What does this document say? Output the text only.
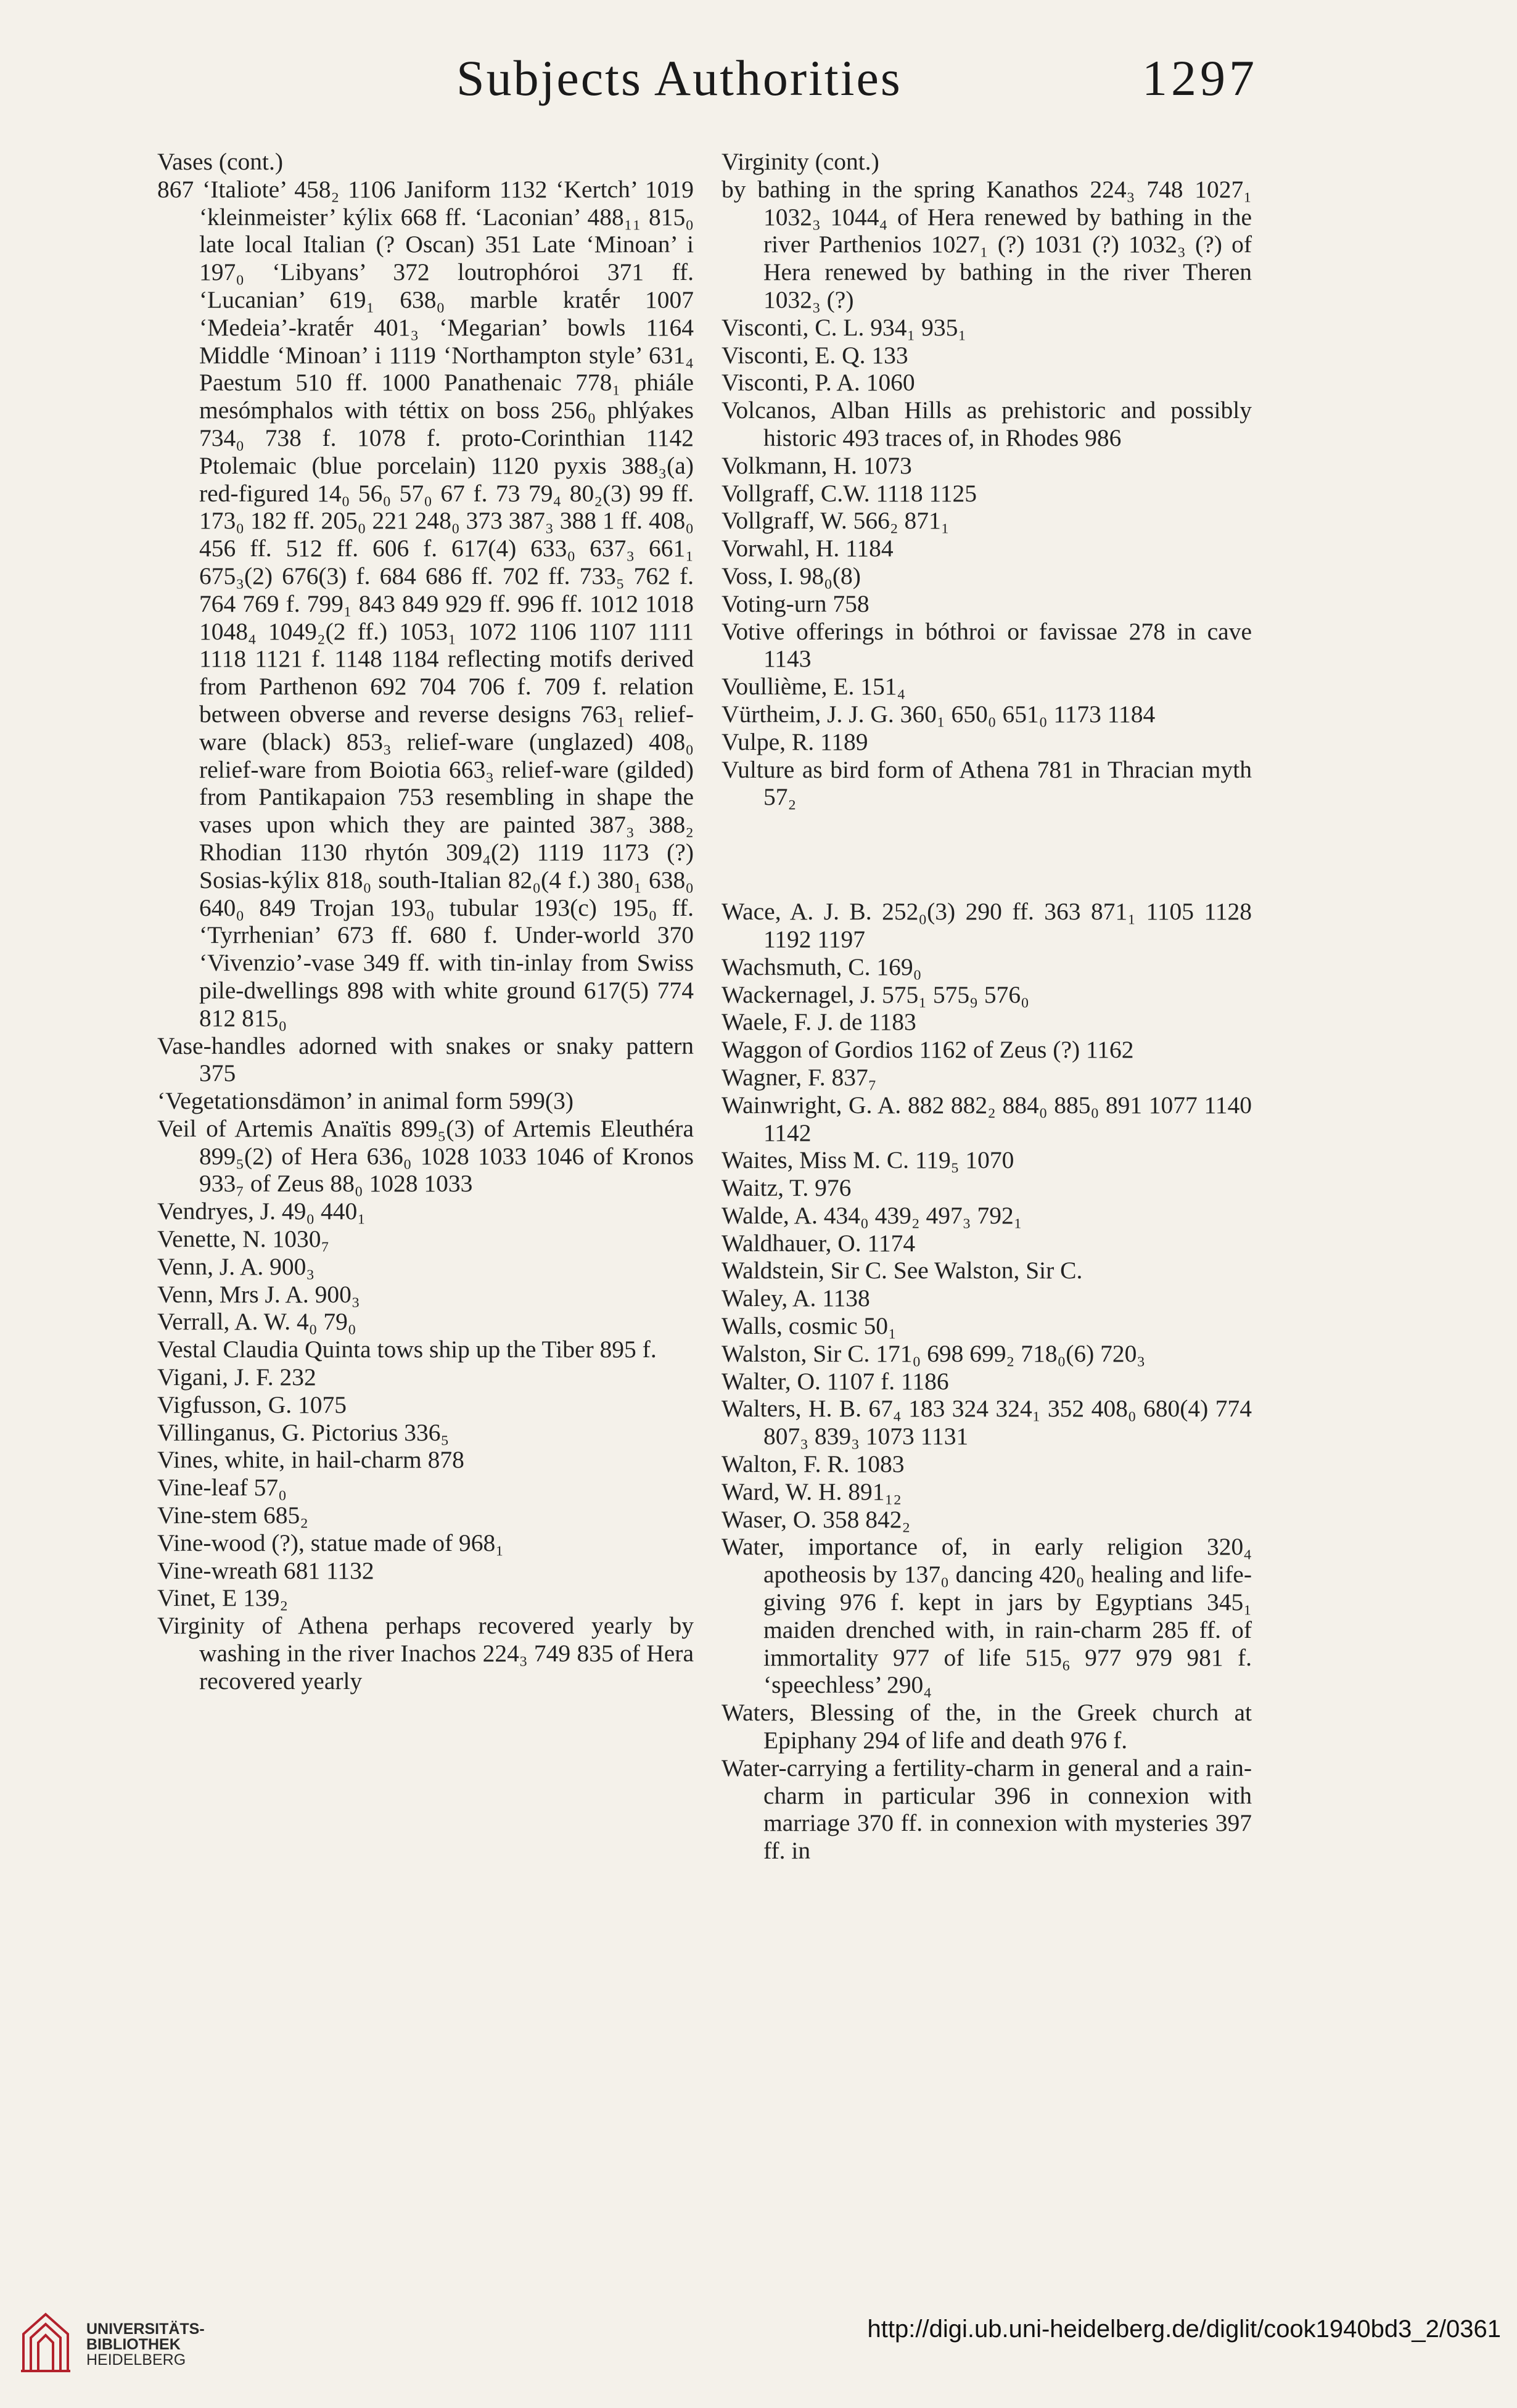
Subjects Authorities	1297

Vases (cont.)

867 ‘Italiote’ 458₂ 1106 Janiform 1132 ‘Kertch’ 1019 ‘kleinmeister’ kýlix 668 ff. ‘Laconian’ 488₁₁ 815₀ late local Italian (? Oscan) 351 Late ‘Minoan’ i 197₀ ‘Libyans’ 372 loutrophóroi 371 ff. ‘Lucanian’ 619₁ 638₀ marble kratḗr 1007 ‘Medeia’-kratḗr 401₃ ‘Megarian’ bowls 1164 Middle ‘Minoan’ i 1119 ‘Northampton style’ 631₄ Paestum 510 ff. 1000 Panathenaic 778₁ phiále mesómphalos with téttix on boss 256₀ phlýakes 734₀ 738 f. 1078 f. proto-Corinthian 1142 Ptolemaic (blue porcelain) 1120 pyxis 388₃(a) red-figured 14₀ 56₀ 57₀ 67 f. 73 79₄ 80₂(3) 99 ff. 173₀ 182 ff. 205₀ 221 248₀ 373 387₃ 388 1 ff. 408₀ 456 ff. 512 ff. 606 f. 617(4) 633₀ 637₃ 661₁ 675₃(2) 676(3) f. 684 686 ff. 702 ff. 733₅ 762 f. 764 769 f. 799₁ 843 849 929 ff. 996 ff. 1012 1018 1048₄ 1049₂(2 ff.) 1053₁ 1072 1106 1107 1111 1118 1121 f. 1148 1184 reflecting motifs derived from Parthenon 692 704 706 f. 709 f. relation between obverse and reverse designs 763₁ relief-ware (black) 853₃ relief-ware (unglazed) 408₀ relief-ware from Boiotia 663₃ relief-ware (gilded) from Pantikapaion 753 resembling in shape the vases upon which they are painted 387₃ 388₂ Rhodian 1130 rhytón 309₄(2) 1119 1173 (?) Sosias-kýlix 818₀ south-Italian 82₀(4 f.) 380₁ 638₀ 640₀ 849 Trojan 193₀ tubular 193(c) 195₀ ff. ‘Tyrrhenian’ 673 ff. 680 f. Under-world 370 ‘Vivenzio’-vase 349 ff. with tin-inlay from Swiss pile-dwellings 898 with white ground 617(5) 774 812 815₀

Vase-handles adorned with snakes or snaky pattern 375

‘Vegetationsdämon’ in animal form 599(3)

Veil of Artemis Anaïtis 899₅(3) of Artemis Eleuthéra 899₅(2) of Hera 636₀ 1028 1033 1046 of Kronos 933₇ of Zeus 88₀ 1028 1033

Vendryes, J. 49₀ 440₁

Venette, N. 1030₇

Venn, J. A. 900₃

Venn, Mrs J. A. 900₃

Verrall, A. W. 4₀ 79₀

Vestal Claudia Quinta tows ship up the Tiber 895 f.

Vigani, J. F. 232

Vigfusson, G. 1075

Villinganus, G. Pictorius 336₅

Vines, white, in hail-charm 878

Vine-leaf 57₀

Vine-stem 685₂

Vine-wood (?), statue made of 968₁

Vine-wreath 681 1132

Vinet, E 139₂

Virginity of Athena perhaps recovered yearly by washing in the river Inachos 224₃ 749 835 of Hera recovered yearly

Virginity (cont.)

by bathing in the spring Kanathos 224₃ 748 1027₁ 1032₃ 1044₄ of Hera renewed by bathing in the river Parthenios 1027₁ (?) 1031 (?) 1032₃ (?) of Hera renewed by bathing in the river Theren 1032₃ (?)

Visconti, C. L. 934₁ 935₁

Visconti, E. Q. 133

Visconti, P. A. 1060

Volcanos, Alban Hills as prehistoric and possibly historic 493 traces of, in Rhodes 986

Volkmann, H. 1073

Vollgraff, C.W. 1118 1125

Vollgraff, W. 566₂ 871₁

Vorwahl, H. 1184

Voss, I. 98₀(8)

Voting-urn 758

Votive offerings in bóthroi or favissae 278 in cave 1143

Voullième, E. 151₄

Vürtheim, J. J. G. 360₁ 650₀ 651₀ 1173 1184

Vulpe, R. 1189

Vulture as bird form of Athena 781 in Thracian myth 57₂

Wace, A. J. B. 252₀(3) 290 ff. 363 871₁ 1105 1128 1192 1197

Wachsmuth, C. 169₀

Wackernagel, J. 575₁ 575₉ 576₀

Waele, F. J. de 1183

Waggon of Gordios 1162 of Zeus (?) 1162

Wagner, F. 837₇

Wainwright, G. A. 882 882₂ 884₀ 885₀ 891 1077 1140 1142

Waites, Miss M. C. 119₅ 1070

Waitz, T. 976

Walde, A. 434₀ 439₂ 497₃ 792₁

Waldhauer, O. 1174

Waldstein, Sir C. See Walston, Sir C.

Waley, A. 1138

Walls, cosmic 50₁

Walston, Sir C. 171₀ 698 699₂ 718₀(6) 720₃

Walter, O. 1107 f. 1186

Walters, H. B. 67₄ 183 324 324₁ 352 408₀ 680(4) 774 807₃ 839₃ 1073 1131

Walton, F. R. 1083

Ward, W. H. 891₁₂

Waser, O. 358 842₂

Water, importance of, in early religion 320₄ apotheosis by 137₀ dancing 420₀ healing and life-giving 976 f. kept in jars by Egyptians 345₁ maiden drenched with, in rain-charm 285 ff. of immortality 977 of life 515₆ 977 979 981 f. ‘speechless’ 290₄

Waters, Blessing of the, in the Greek church at Epiphany 294 of life and death 976 f.

Water-carrying a fertility-charm in general and a rain-charm in particular 396 in connexion with marriage 370 ff. in connexion with mysteries 397 ff. in

UNIVERSITÄTS-
BIBLIOTHEK
HEIDELBERG
http://digi.ub.uni-heidelberg.de/diglit/cook1940bd3_2/0361
